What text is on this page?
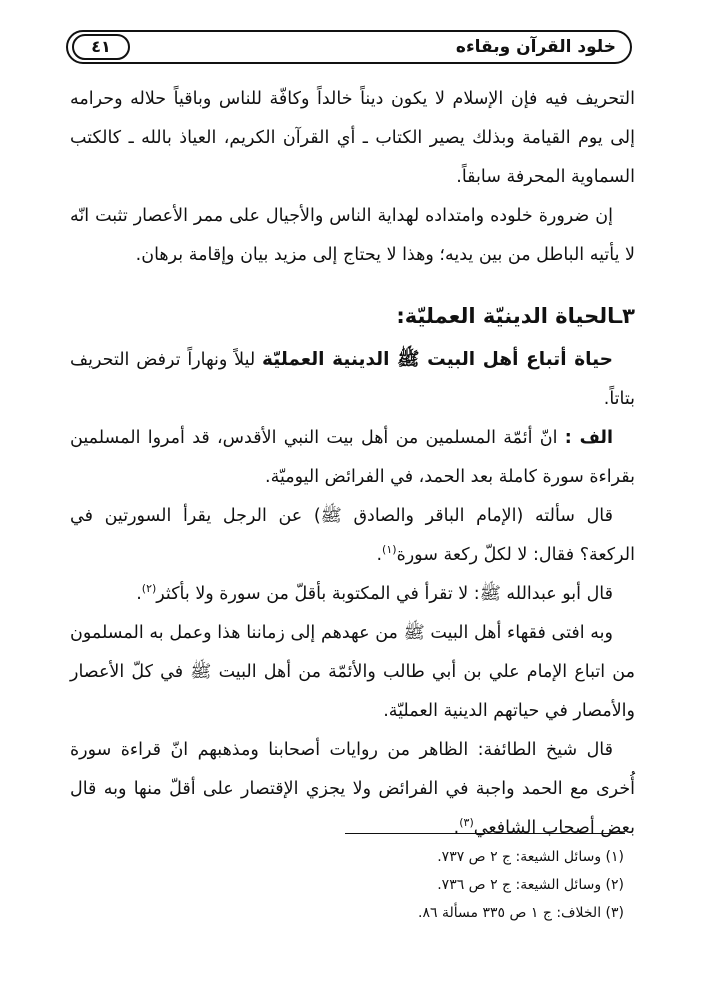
خلود القرآن وبقاءه
٤١

التحريف فيه فإن الإسلام لا يكون ديناً خالداً وكافّة للناس وباقياً حلاله وحرامه إلى يوم القيامة وبذلك يصير الكتاب ـ أي القرآن الكريم، العياذ بالله ـ كالكتب السماوية المحرفة سابقاً.

إن ضرورة خلوده وامتداده لهداية الناس والأجيال على ممر الأعصار تثبت انّه لا يأتيه الباطل من بين يديه؛ وهذا لا يحتاج إلى مزيد بيان وإقامة برهان.

٣ـالحياة الدينيّة العمليّة:

حياة أتباع أهل البيت ﷺ الدينية العمليّة ليلاً ونهاراً ترفض التحريف بتاتاً.

الف : انّ أئمّة المسلمين من أهل بيت النبي الأقدس، قد أمروا المسلمين بقراءة سورة كاملة بعد الحمد، في الفرائض اليوميّة.

قال سألته (الإمام الباقر والصادق ﷺ) عن الرجل يقرأ السورتين في الركعة؟ فقال: لا لكلّ ركعة سورة$^{(١)}$.

قال أبو عبدالله ﷺ: لا تقرأ في المكتوبة بأقلّ من سورة ولا بأكثر$^{(٢)}$.

وبه افتى فقهاء أهل البيت ﷺ من عهدهم إلى زماننا هذا وعمل به المسلمون من اتباع الإمام علي بن أبي طالب والأئمّة من أهل البيت ﷺ في كلّ الأعصار والأمصار في حياتهم الدينية العمليّة.

قال شيخ الطائفة: الظاهر من روايات أصحابنا ومذهبهم انّ قراءة سورة أُخرى مع الحمد واجبة في الفرائض ولا يجزي الإقتصار على أقلّ منها وبه قال بعض أصحاب الشافعي$^{(٣)}$.

(١) وسائل الشيعة: ج ٢ ص ٧٣٧.
(٢) وسائل الشيعة: ج ٢ ص ٧٣٦.
(٣) الخلاف: ج ١ ص ٣٣٥ مسألة ٨٦.
